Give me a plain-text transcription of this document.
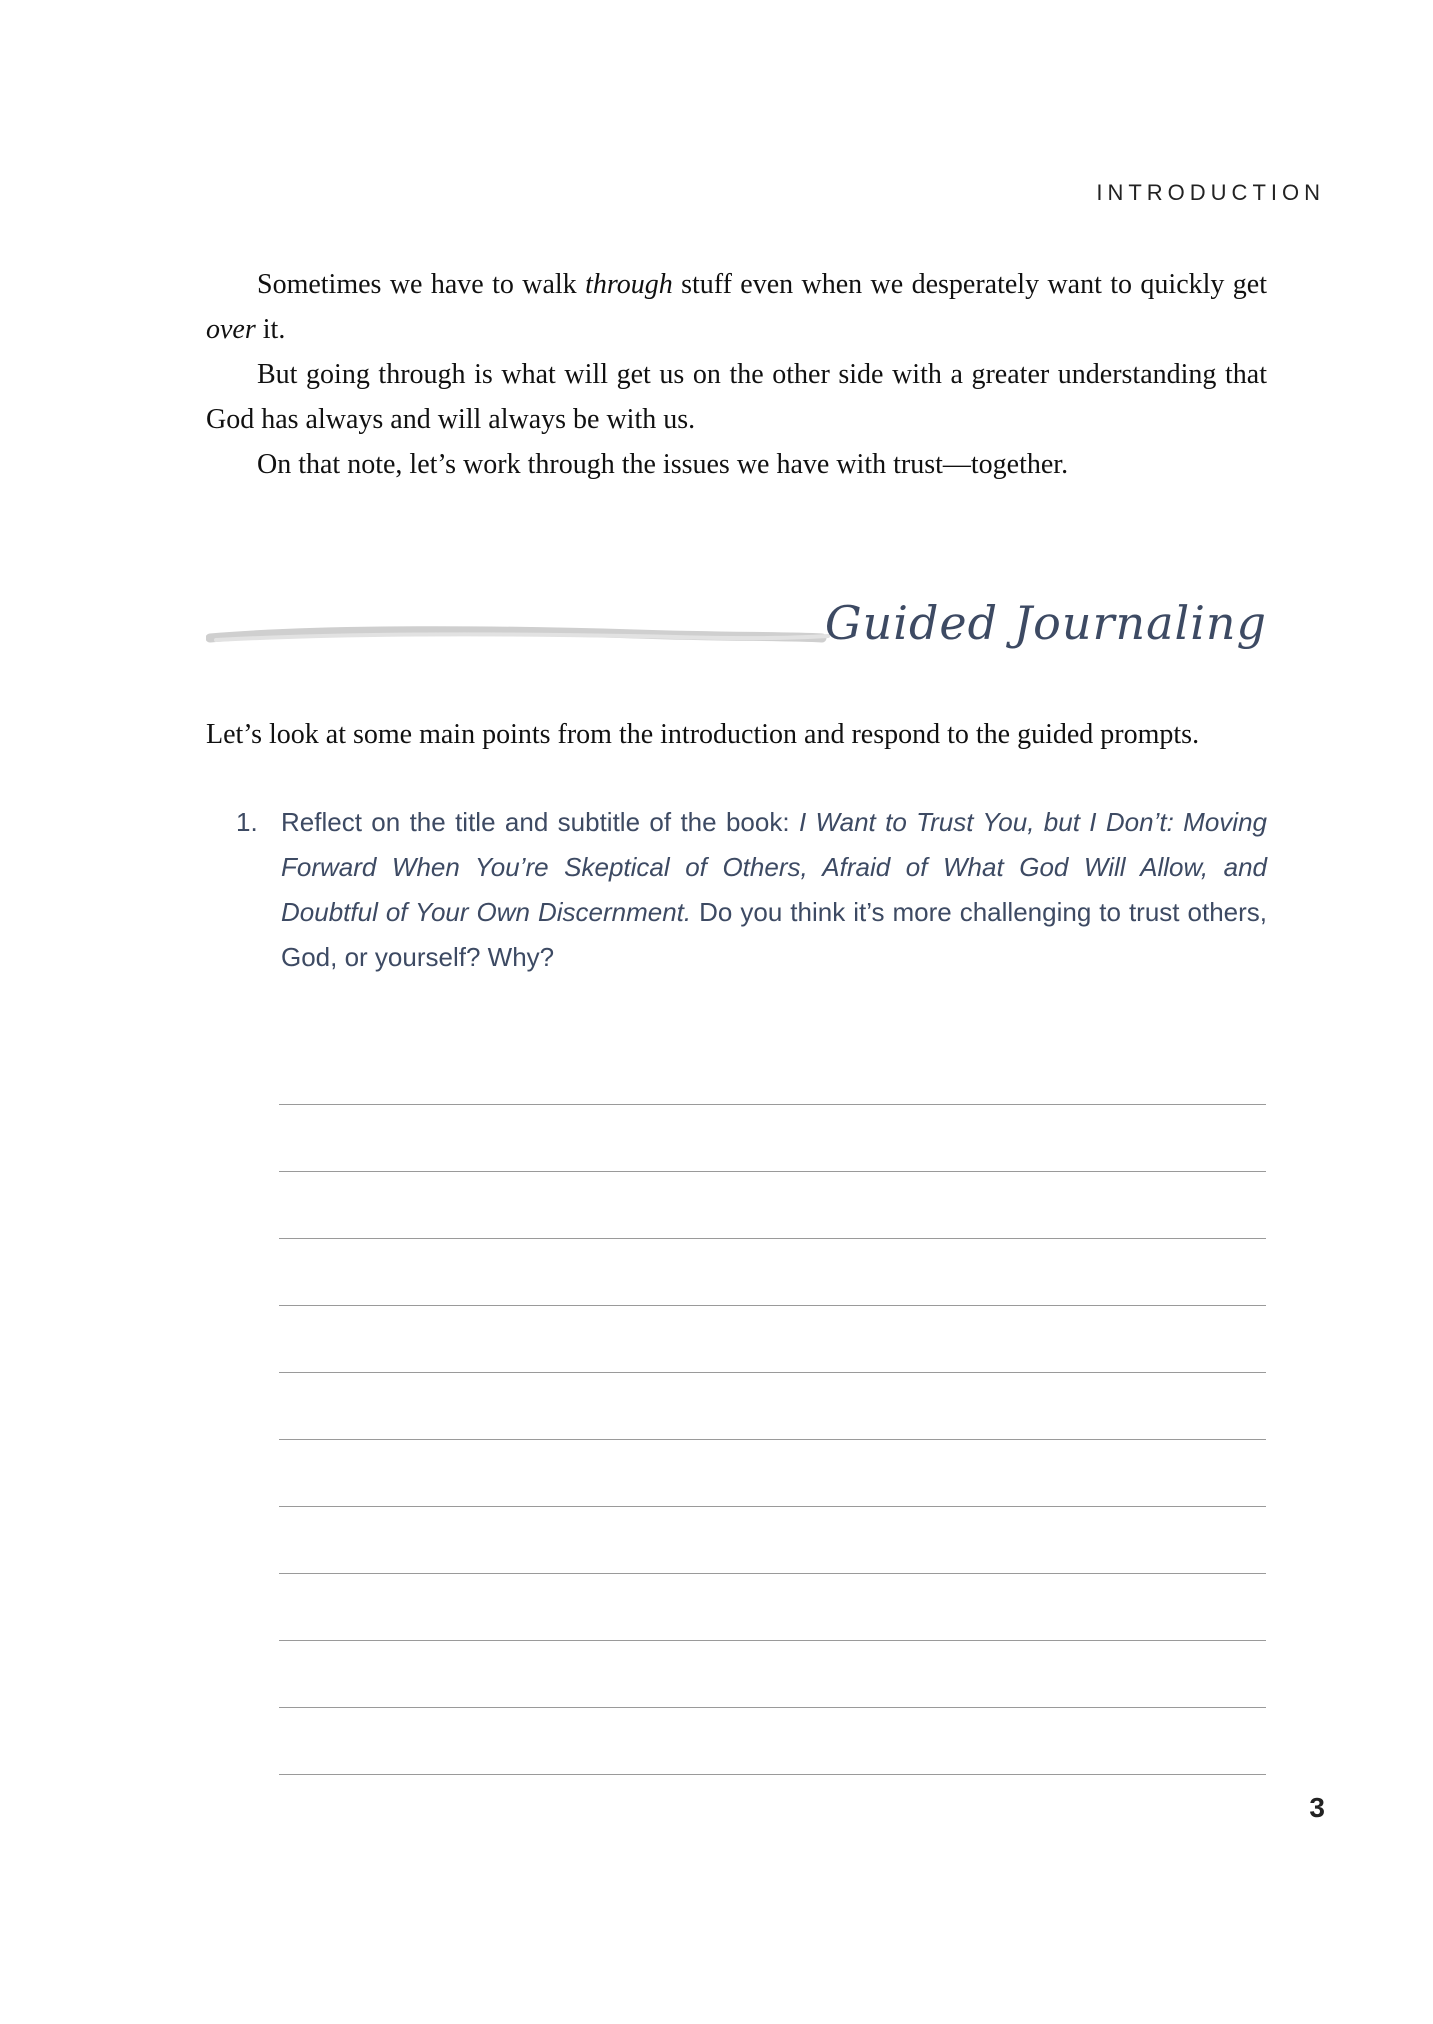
INTRODUCTION

Sometimes we have to walk through stuff even when we desperately want to quickly get over it.

But going through is what will get us on the other side with a greater understanding that God has always and will always be with us.

On that note, let’s work through the issues we have with trust—together.

Guided Journaling
Let’s look at some main points from the introduction and respond to the guided prompts.
1. Reflect on the title and subtitle of the book: I Want to Trust You, but I Don’t: Moving Forward When You’re Skeptical of Others, Afraid of What God Will Allow, and Doubtful of Your Own Discernment. Do you think it’s more challenging to trust others, God, or yourself? Why?
3
